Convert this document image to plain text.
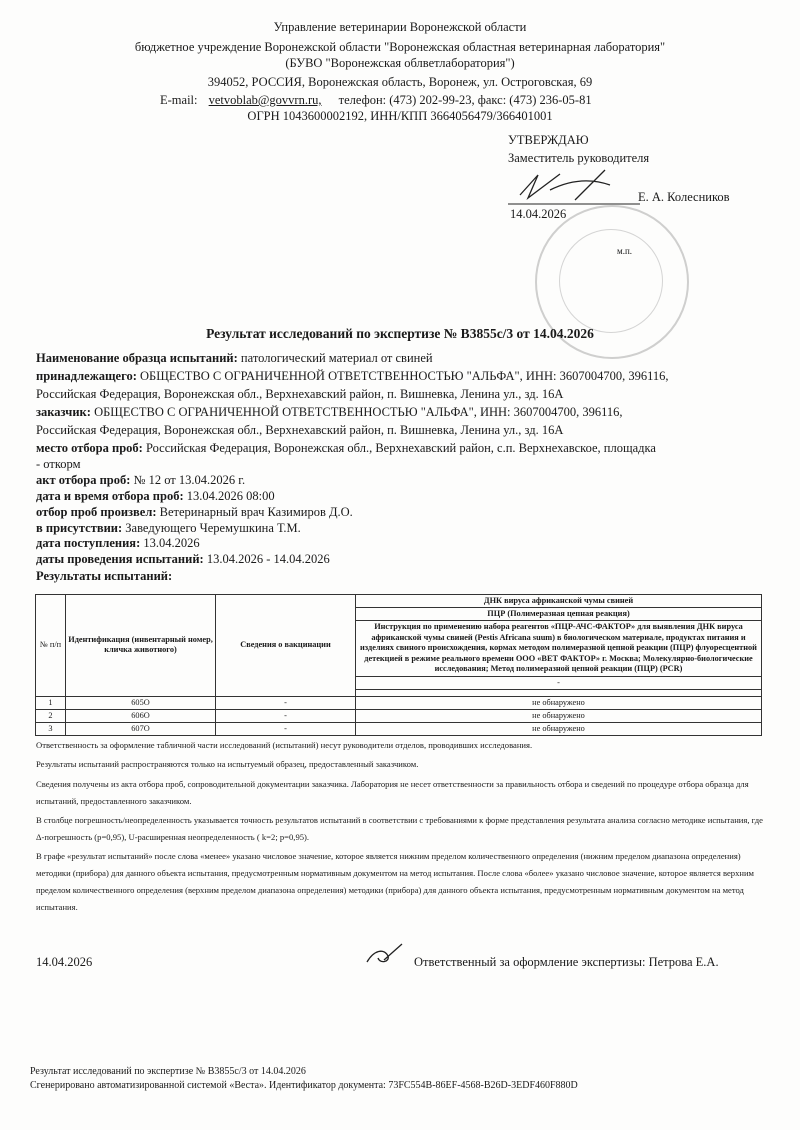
Управление ветеринарии Воронежской области
бюджетное учреждение Воронежской области "Воронежская областная ветеринарная лаборатория"
(БУВО "Воронежская облветлаборатория")
394052, РОССИЯ, Воронежская область, Воронеж, ул. Остроговская, 69
E-mail: vetvoblab@govvrn.ru, телефон: (473) 202-99-23, факс: (473) 236-05-81
ОГРН 1043600002192, ИНН/КПП 3664056479/366401001
УТВЕРЖДАЮ
Заместитель руководителя
Е. А. Колесников
14.04.2026
м.п.
Результат исследований по экспертизе № В3855с/3 от 14.04.2026
Наименование образца испытаний: патологический материал от свиней
принадлежащего: ОБЩЕСТВО С ОГРАНИЧЕННОЙ ОТВЕТСТВЕННОСТЬЮ "АЛЬФА", ИНН: 3607004700, 396116,
Российская Федерация, Воронежская обл., Верхнехавский район, п. Вишневка, Ленина ул., зд. 16А
заказчик: ОБЩЕСТВО С ОГРАНИЧЕННОЙ ОТВЕТСТВЕННОСТЬЮ "АЛЬФА", ИНН: 3607004700, 396116,
Российская Федерация, Воронежская обл., Верхнехавский район, п. Вишневка, Ленина ул., зд. 16А
место отбора проб: Российская Федерация, Воронежская обл., Верхнехавский район, с.п. Верхнехавское, площадка
- откорм
акт отбора проб: № 12 от 13.04.2026 г.
дата и время отбора проб: 13.04.2026 08:00
отбор проб произвел: Ветеринарный врач Казимиров Д.О.
в присутствии: Заведующего Черемушкина Т.М.
дата поступления: 13.04.2026
даты проведения испытаний: 13.04.2026 - 14.04.2026
Результаты испытаний:
№ п/п	Идентификация (инвентарный номер, кличка животного)	Сведения о вакцинации	ДНК вируса африканской чумы свиней
			ПЦР (Полимеразная цепная реакция)
			Инструкция по применению набора реагентов «ПЦР-АЧС-ФАКТОР» для выявления ДНК вируса африканской чумы свиней (Pestis Africana suum) в биологическом материале, продуктах питания и изделиях свиного происхождения, кормах методом полимеразной цепной реакции (ПЦР) флуоресцентной детекцией в режиме реального времени ООО «ВЕТ ФАКТОР» г. Москва; Молекулярно-биологические исследования; Метод полимеразной цепной реакции (ПЦР) (PCR)
			-

1	605О	-	не обнаружено
2	606О	-	не обнаружено
3	607О	-	не обнаружено
Ответственность за оформление табличной части исследований (испытаний) несут руководители отделов, проводивших исследования.
Результаты испытаний распространяются только на испытуемый образец, предоставленный заказчиком.
Сведения получены из акта отбора проб, сопроводительной документации заказчика. Лаборатория не несет ответственности за правильность отбора и сведений по процедуре отбора образца для испытаний, предоставленного заказчиком.
В столбце погрешность/неопределенность указывается точность результатов испытаний в соответствии с требованиями к форме представления результата анализа согласно методике испытания, где Δ-погрешность (р=0,95), U-расширенная неопределенность ( k=2; р=0,95).
В графе «результат испытаний» после слова «менее» указано числовое значение, которое является нижним пределом количественного определения (нижним пределом диапазона определения) методики (прибора) для данного объекта испытания, предусмотренным нормативным документом на метод испытания. После слова «более» указано числовое значение, которое является верхним пределом количественного определения (верхним пределом диапазона определения) методики (прибора) для данного объекта испытания, предусмотренным нормативным документом на метод испытания.
14.04.2026	Ответственный за оформление экспертизы: Петрова Е.А.
Результат исследований по экспертизе № В3855с/3 от 14.04.2026
Сгенерировано автоматизированной системой «Веста». Идентификатор документа: 73FC554B-86EF-4568-B26D-3EDF460F880D
